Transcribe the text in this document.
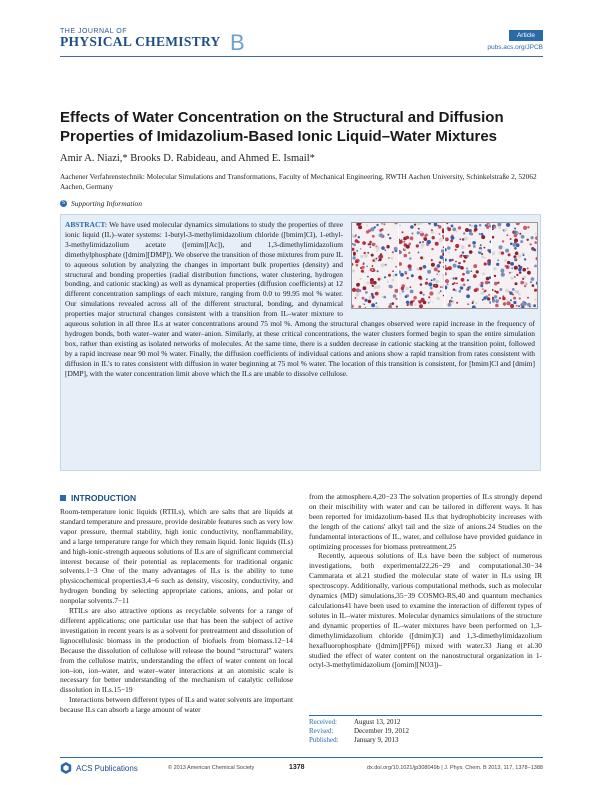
THE JOURNAL OF
PHYSICAL CHEMISTRY B	Article
pubs.acs.org/JPCB
Effects of Water Concentration on the Structural and Diffusion Properties of Imidazolium-Based Ionic Liquid–Water Mixtures
Amir A. Niazi,* Brooks D. Rabideau, and Ahmed E. Ismail*
Aachener Verfahrenstechnik: Molecular Simulations and Transformations, Faculty of Mechanical Engineering, RWTH Aachen University, Schinkelstraße 2, 52062 Aachen, Germany
S Supporting Information
ABSTRACT: We have used molecular dynamics simulations to study the properties of three ionic liquid (IL)–water systems: 1-butyl-3-methylimidazolium chloride ([bmim]Cl), 1-ethyl-3-methylimidazolium acetate ([emim][Ac]), and 1,3-dimethylimidazolium dimethylphosphate ([dmim][DMP]). We observe the transition of those mixtures from pure IL to aqueous solution by analyzing the changes in important bulk properties (density) and structural and bonding properties (radial distribution functions, water clustering, hydrogen bonding, and cationic stacking) as well as dynamical properties (diffusion coefficients) at 12 different concentration samplings of each mixture, ranging from 0.0 to 99.95 mol % water. Our simulations revealed across all of the different structural, bonding, and dynamical properties major structural changes consistent with a transition from IL–water mixture to aqueous solution in all three ILs at water concentrations around 75 mol %. Among the structural changes observed were rapid increase in the frequency of hydrogen bonds, both water–water and water–anion. Similarly, at these critical concentrations, the water clusters formed begin to span the entire simulation box, rather than existing as isolated networks of molecules. At the same time, there is a sudden decrease in cationic stacking at the transition point, followed by a rapid increase near 90 mol % water. Finally, the diffusion coefficients of individual cations and anions show a rapid transition from rates consistent with diffusion in IL's to rates consistent with diffusion in water beginning at 75 mol % water. The location of this transition is consistent, for [bmim]Cl and [dmim][DMP], with the water concentration limit above which the ILs are unable to dissolve cellulose.
INTRODUCTION

Room-temperature ionic liquids (RTILs), which are salts that are liquids at standard temperature and pressure, provide desirable features such as very low vapor pressure, thermal stability, high ionic conductivity, nonflammability, and a large temperature range for which they remain liquid. Ionic liquids (ILs) and high-ionic-strength aqueous solutions of ILs are of significant commercial interest because of their potential as replacements for traditional organic solvents.1−3 One of the many advantages of ILs is the ability to tune physicochemical properties3,4−6 such as density, viscosity, conductivity, and hydrogen bonding by selecting appropriate cations, anions, and polar or nonpolar solvents.7−11

RTILs are also attractive options as recyclable solvents for a range of different applications; one particular use that has been the subject of active investigation in recent years is as a solvent for pretreatment and dissolution of lignocellulosic biomass in the production of biofuels from biomass.12−14 Because the dissolution of cellulose will release the bound “structural” waters from the cellulose matrix, understanding the effect of water content on local ion–ion, ion–water, and water–water interactions at an atomistic scale is necessary for better understanding of the mechanism of catalytic cellulose dissolution in ILs.15−19

Interactions between different types of ILs and water solvents are important because ILs can absorb a large amount of water

from the atmosphere.4,20−23 The solvation properties of ILs strongly depend on their miscibility with water and can be tailored in different ways. It has been reported for imidazolium-based ILs that hydrophobicity increases with the length of the cations' alkyl tail and the size of anions.24 Studies on the fundamental interactions of IL, water, and cellulose have provided guidance in optimizing processes for biomass pretreatment.25

Recently, aqueous solutions of ILs have been the subject of numerous investigations, both experimental22,26−29 and computational.30−34 Cammarata et al.21 studied the molecular state of water in ILs using IR spectroscopy. Additionally, various computational methods, such as molecular dynamics (MD) simulations,35−39 COSMO-RS,40 and quantum mechanics calculations41 have been used to examine the interaction of different types of solutes in IL–water mixtures. Molecular dynamics simulations of the structure and dynamic properties of IL–water mixtures have been performed on 1,3-dimethylimidazolium chloride ([dmim]Cl) and 1,3-dimethylimidazolium hexafluorophosphate ([dmim][PF6]) mixed with water.33 Jiang et al.30 studied the effect of water content on the nanostructural organization in 1-octyl-3-methylimidazolium ([omim][NO3])–

Received: August 13, 2012
Revised:	December 19, 2012
Published: January 9, 2013
ACS Publications	© 2013 American Chemical Society	1378	dx.doi.org/10.1021/jp308049b | J. Phys. Chem. B 2013, 117, 1378−1388
